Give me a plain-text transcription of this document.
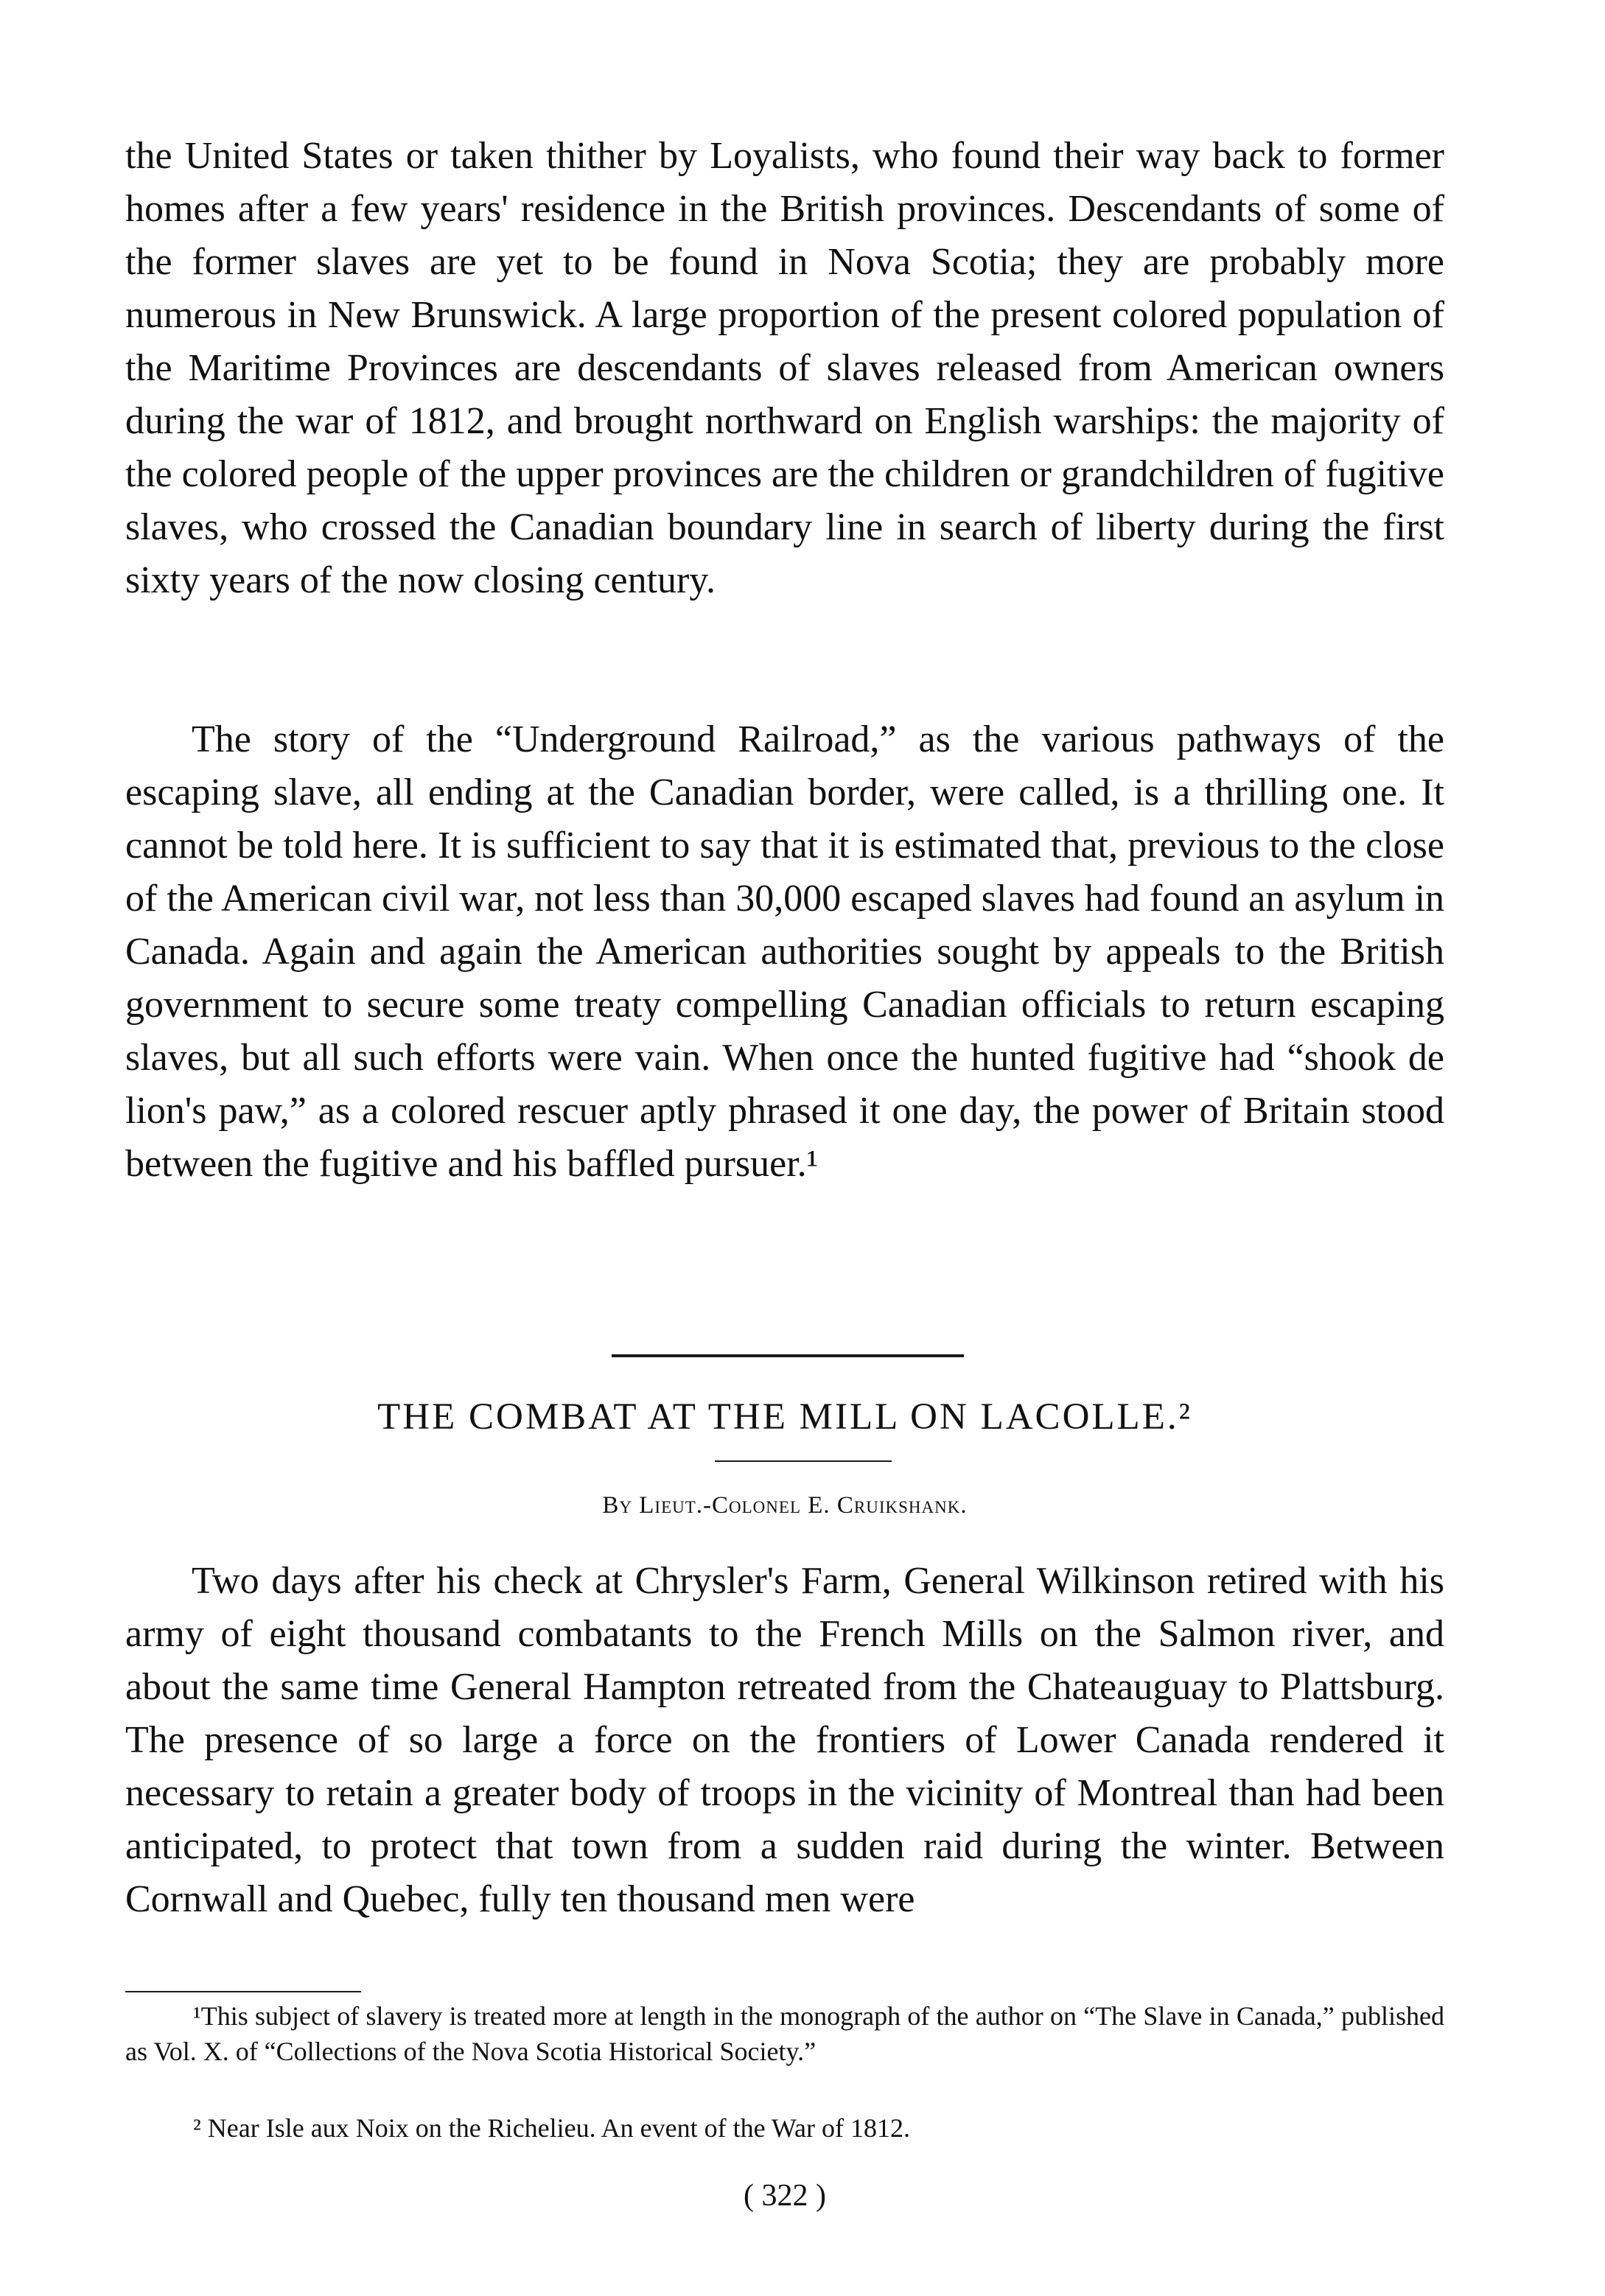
the United States or taken thither by Loyalists, who found their way back to former homes after a few years' residence in the British provinces. Descendants of some of the former slaves are yet to be found in Nova Scotia; they are probably more numerous in New Brunswick. A large proportion of the present colored population of the Maritime Provinces are descendants of slaves released from American owners during the war of 1812, and brought northward on English warships: the majority of the colored people of the upper provinces are the children or grandchildren of fugitive slaves, who crossed the Canadian boundary line in search of liberty during the first sixty years of the now closing century.

The story of the “Underground Railroad,” as the various pathways of the escaping slave, all ending at the Canadian border, were called, is a thrilling one. It cannot be told here. It is sufficient to say that it is estimated that, previous to the close of the American civil war, not less than 30,000 escaped slaves had found an asylum in Canada. Again and again the American authorities sought by appeals to the British government to secure some treaty compelling Canadian officials to return escaping slaves, but all such efforts were vain. When once the hunted fugitive had “shook de lion's paw,” as a colored rescuer aptly phrased it one day, the power of Britain stood between the fugitive and his baffled pursuer.¹

THE COMBAT AT THE MILL ON LACOLLE.²

By Lieut.-Colonel E. Cruikshank.

Two days after his check at Chrysler's Farm, General Wilkinson retired with his army of eight thousand combatants to the French Mills on the Salmon river, and about the same time General Hampton retreated from the Chateauguay to Plattsburg. The presence of so large a force on the frontiers of Lower Canada rendered it necessary to retain a greater body of troops in the vicinity of Montreal than had been anticipated, to protect that town from a sudden raid during the winter. Between Cornwall and Quebec, fully ten thousand men were

¹This subject of slavery is treated more at length in the monograph of the author on “The Slave in Canada,” published as Vol. X. of “Collections of the Nova Scotia Historical Society.”

² Near Isle aux Noix on the Richelieu. An event of the War of 1812.

( 322 )
